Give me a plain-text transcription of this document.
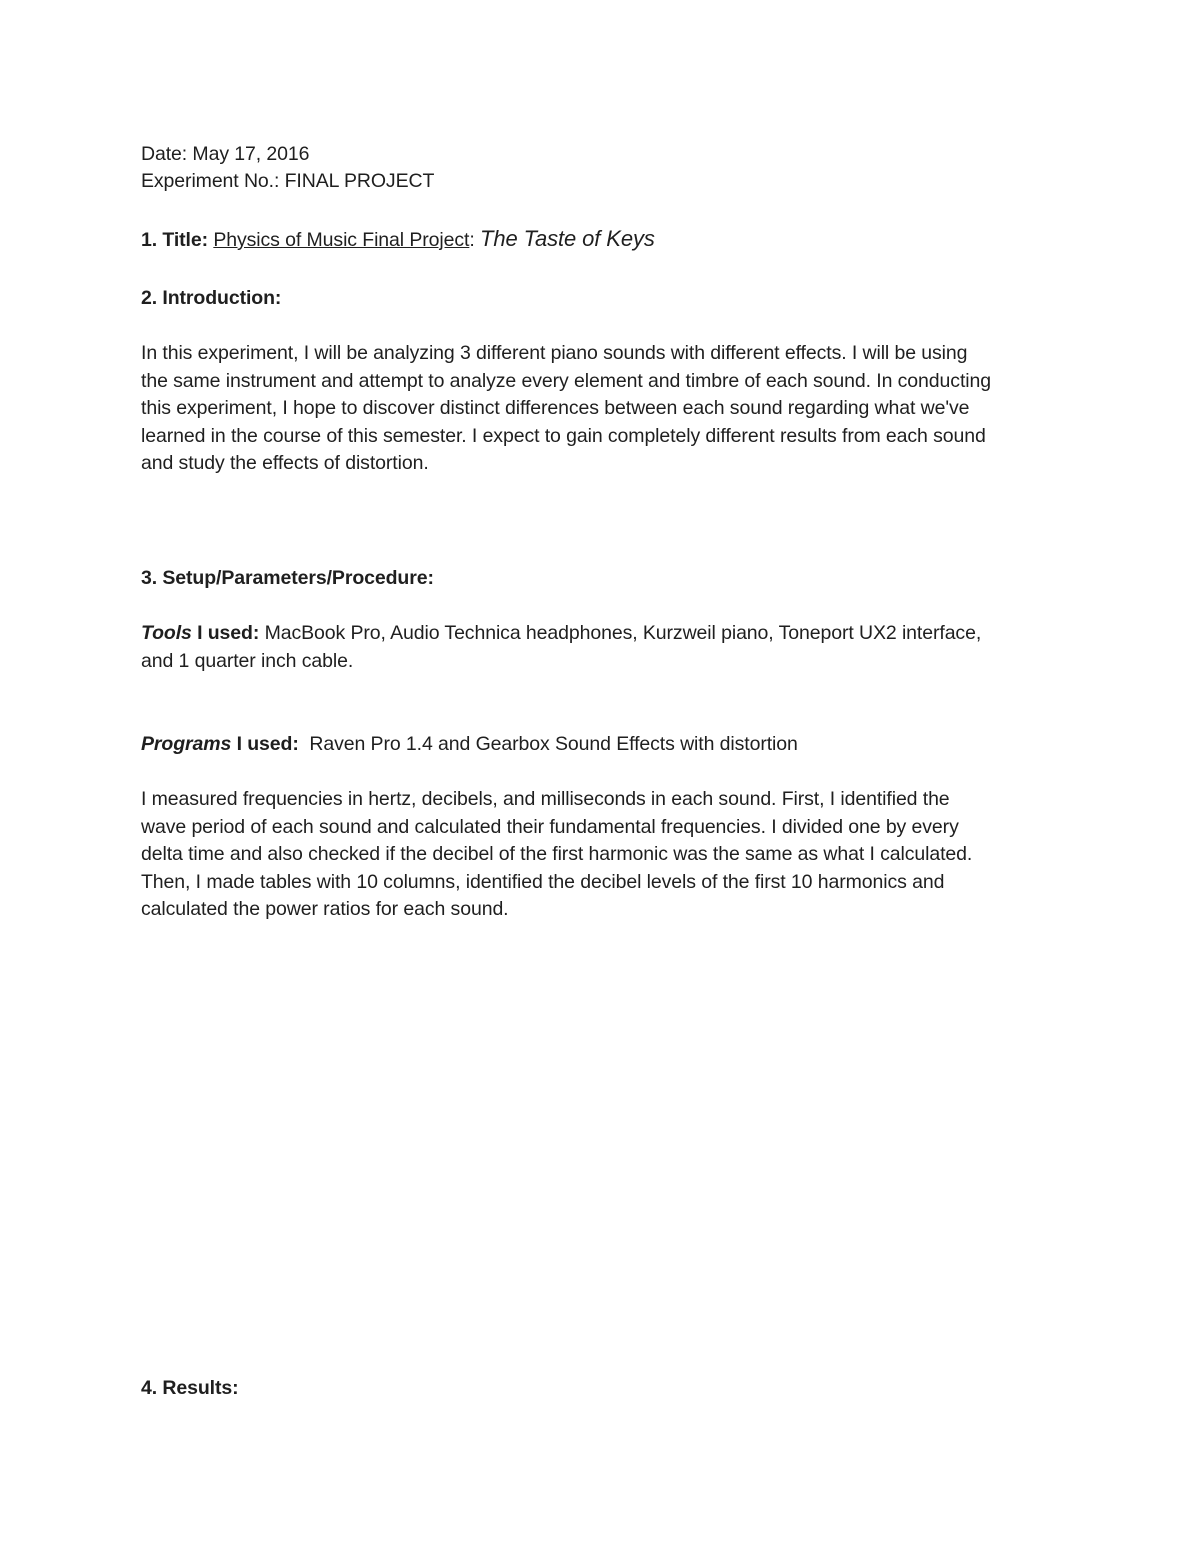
Date: May 17, 2016
Experiment No.: FINAL PROJECT
1. Title: Physics of Music Final Project: The Taste of Keys
2. Introduction:
In this experiment, I will be analyzing 3 different piano sounds with different effects. I will be using
the same instrument and attempt to analyze every element and timbre of each sound. In conducting
this experiment, I hope to discover distinct differences between each sound regarding what we've
learned in the course of this semester. I expect to gain completely different results from each sound
and study the effects of distortion.
3. Setup/Parameters/Procedure:
Tools I used: MacBook Pro, Audio Technica headphones, Kurzweil piano, Toneport UX2 interface,
and 1 quarter inch cable.
Programs I used:  Raven Pro 1.4 and Gearbox Sound Effects with distortion
I measured frequencies in hertz, decibels, and milliseconds in each sound. First, I identified the
wave period of each sound and calculated their fundamental frequencies. I divided one by every
delta time and also checked if the decibel of the first harmonic was the same as what I calculated.
Then, I made tables with 10 columns, identified the decibel levels of the first 10 harmonics and
calculated the power ratios for each sound.
4. Results:
